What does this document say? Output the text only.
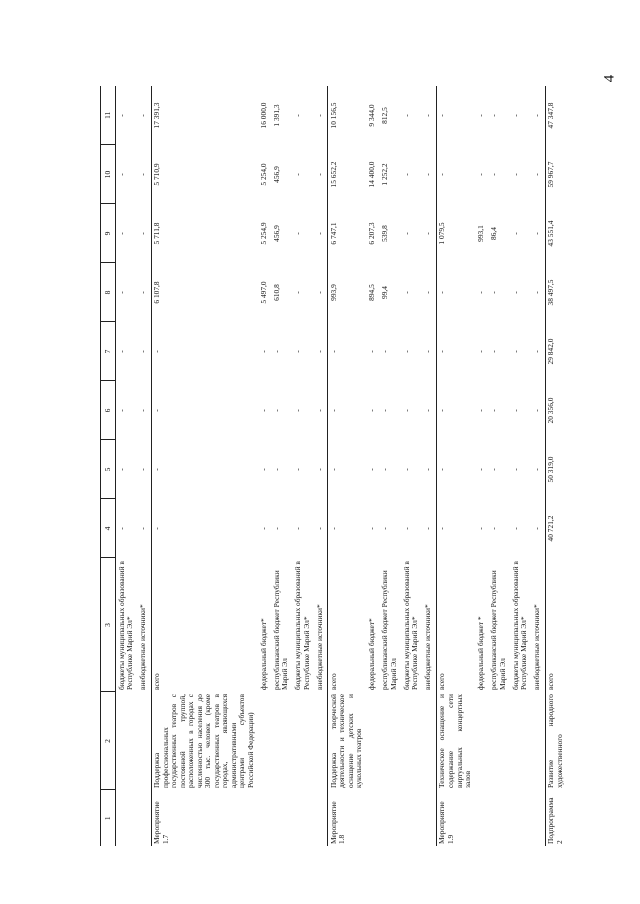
4
1	2	3	4	5	6	7	8	9	10	11
		бюджеты муниципальных образований в Республике Марий Эл*	-	-	-	-	-	-	-	-
		внебюджетные источники*	-	-	-	-	-	-	-	-
Мероприятие 1.7	Поддержка профессиональных государственных театров с постоянной труппой, расположенных в городах с численностью населения до 300 тыс. человек (кроме государственных театров в городах, являющихся административными центрами субъектов Российской Федерации)	всего	-	-	-	-	6 107,8	5 711,8	5 710,9	17 391,3
		федеральный бюджет*	-	-	-	-	5 497,0	5 254,9	5 254,0	16 000,0
		республиканский бюджет Республики Марий Эл	-	-	-	-	610,8	456,9	456,9	1 391,3
		бюджеты муниципальных образований в Республике Марий Эл*	-	-	-	-	-	-	-	-
		внебюджетные источники*	-	-	-	-	-	-	-	-
Мероприятие 1.8	Поддержка творческой деятельности и техническое оснащение детских и кукольных театров	всего	-	-	-	-	993,9	6 747,1	15 652,2	10 156,5
		федеральный бюджет*	-	-	-	-	894,5	6 207,3	14 400,0	9 344,0
		республиканский бюджет Республики Марий Эл	-	-	-	-	99,4	539,8	1 252,2	812,5
		бюджеты муниципальных образований в Республике Марий Эл*	-	-	-	-	-	-	-	-
		внебюджетные источники*	-	-	-	-	-	-	-	-
Мероприятие 1.9	Техническое оснащение и содержание сети виртуальных концертных залов	всего	-	-	-	-	-	1 079,5	-	-
		федеральный бюджет *	-	-	-	-	-	993,1	-	-
		республиканский бюджет Республики Марий Эл	-	-	-	-	-	86,4	-	-
		бюджеты муниципальных образований в Республике Марий Эл*	-	-	-	-	-	-	-	-
		внебюджетные источники*	-	-	-	-	-	-	-	-
Подпрограмма 2	Развитие народного художественного	всего	40 721,2	50 319,0	20 356,0	29 842,0	38 497,5	43 551,4	59 967,7	47 347,8
